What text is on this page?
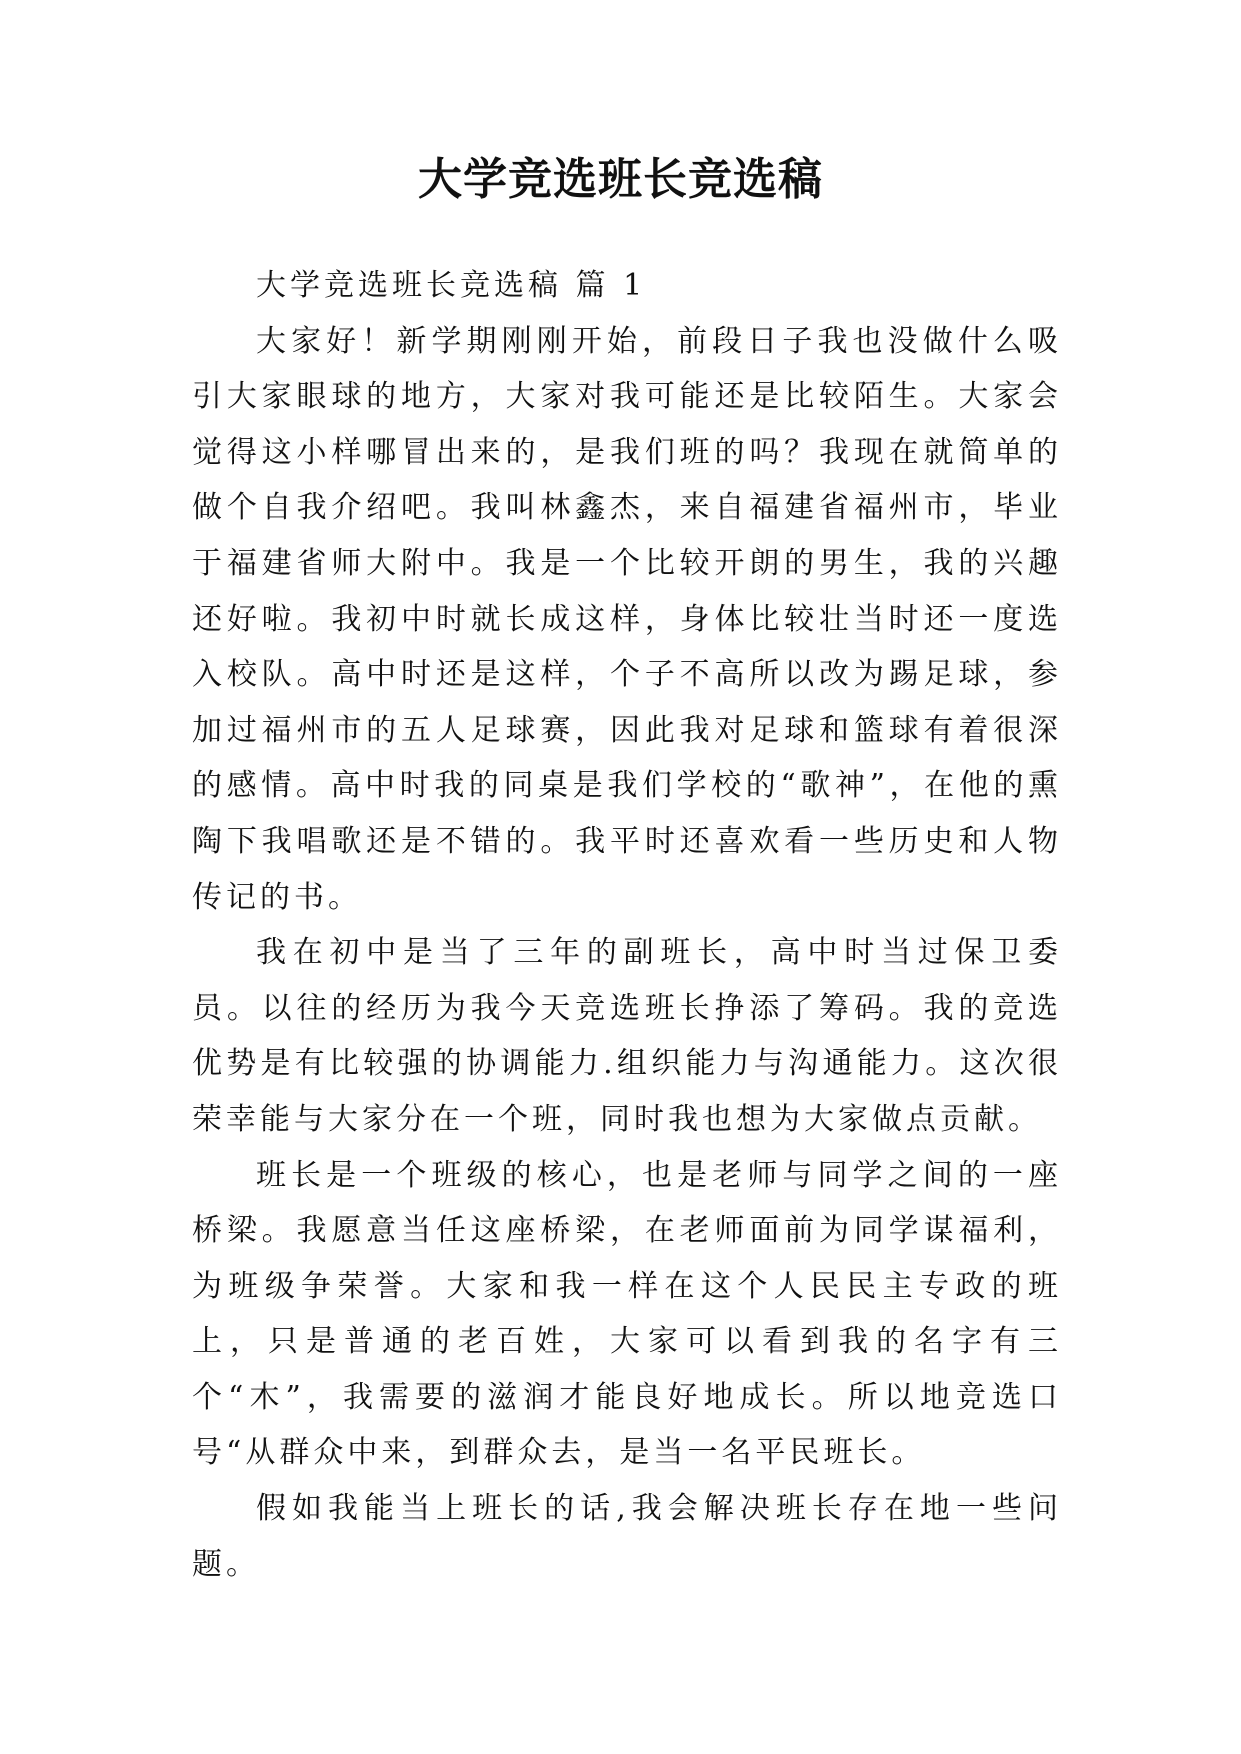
大学竞选班长竞选稿

大学竞选班长竞选稿 篇 1

大家好！新学期刚刚开始，前段日子我也没做什么吸引大家眼球的地方，大家对我可能还是比较陌生。大家会觉得这小样哪冒出来的，是我们班的吗？我现在就简单的做个自我介绍吧。我叫林鑫杰，来自福建省福州市，毕业于福建省师大附中。我是一个比较开朗的男生，我的兴趣还好啦。我初中时就长成这样，身体比较壮当时还一度选入校队。高中时还是这样，个子不高所以改为踢足球，参加过福州市的五人足球赛，因此我对足球和篮球有着很深的感情。高中时我的同桌是我们学校的“歌神”，在他的熏陶下我唱歌还是不错的。我平时还喜欢看一些历史和人物传记的书。

我在初中是当了三年的副班长，高中时当过保卫委员。以往的经历为我今天竞选班长挣添了筹码。我的竞选优势是有比较强的协调能力.组织能力与沟通能力。这次很荣幸能与大家分在一个班，同时我也想为大家做点贡献。

班长是一个班级的核心，也是老师与同学之间的一座桥梁。我愿意当任这座桥梁，在老师面前为同学谋福利，为班级争荣誉。大家和我一样在这个人民民主专政的班上，只是普通的老百姓，大家可以看到我的名字有三个“木”，我需要的滋润才能良好地成长。所以地竞选口号“从群众中来，到群众去，是当一名平民班长。

假如我能当上班长的话,我会解决班长存在地一些问题。
